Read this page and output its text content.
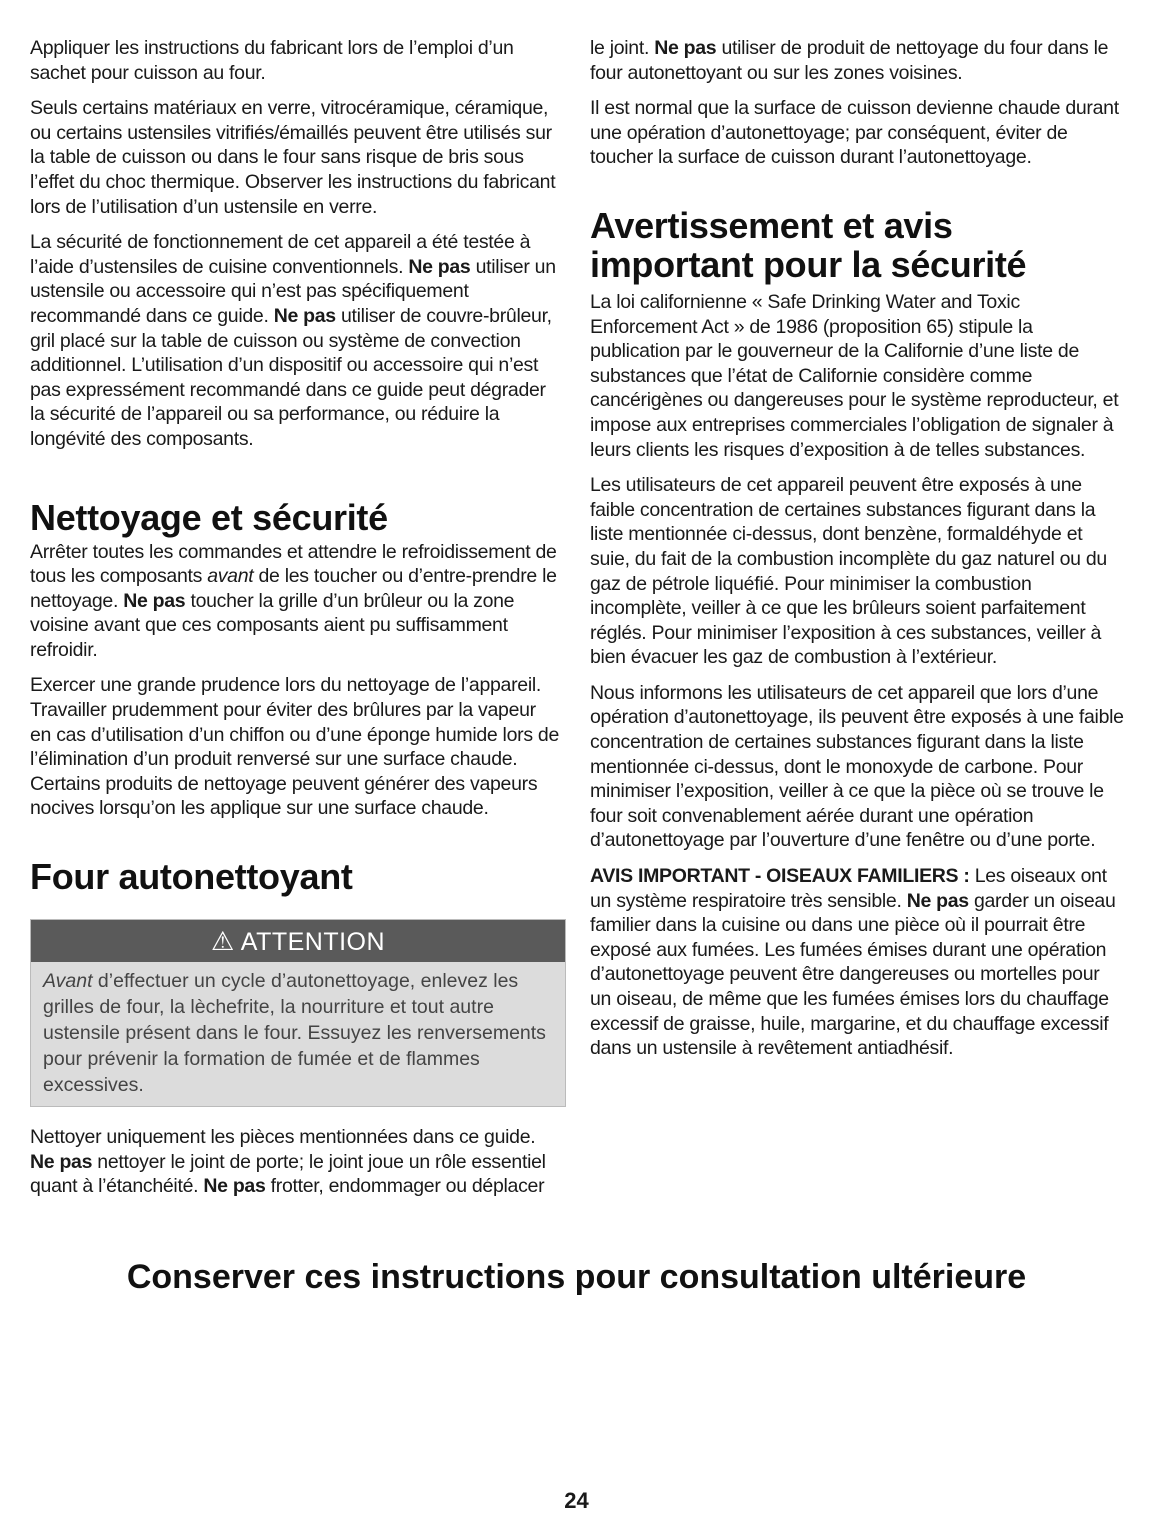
Appliquer les instructions du fabricant lors de l’emploi d’un sachet pour cuisson au four.

Seuls certains matériaux en verre, vitrocéramique, céramique, ou certains ustensiles vitrifiés/émaillés peuvent être utilisés sur la table de cuisson ou dans le four sans risque de bris sous l’effet du choc thermique. Observer les instructions du fabricant lors de l’utilisation d’un ustensile en verre.

La sécurité de fonctionnement de cet appareil a été testée à l’aide d’ustensiles de cuisine conventionnels. Ne pas utiliser un ustensile ou accessoire qui n’est pas spécifiquement recommandé dans ce guide. Ne pas utiliser de couvre-brûleur, gril placé sur la table de cuisson ou système de convection additionnel. L’utilisation d’un dispositif ou accessoire qui n’est pas expressément recommandé dans ce guide peut dégrader la sécurité de l’appareil ou sa performance, ou réduire la longévité des composants.

Nettoyage et sécurité

Arrêter toutes les commandes et attendre le refroidissement de tous les composants avant de les toucher ou d’entre-prendre le nettoyage. Ne pas toucher la grille d’un brûleur ou la zone voisine avant que ces composants aient pu suffisamment refroidir.

Exercer une grande prudence lors du nettoyage de l’appareil. Travailler prudemment pour éviter des brûlures par la vapeur en cas d’utilisation d’un chiffon ou d’une éponge humide lors de l’élimination d’un produit renversé sur une surface chaude. Certains produits de nettoyage peuvent générer des vapeurs nocives lorsqu’on les applique sur une surface chaude.

Four autonettoyant
⚠ ATTENTION
Avant d’effectuer un cycle d’autonettoyage, enlevez les grilles de four, la lèchefrite, la nourriture et tout autre ustensile présent dans le four. Essuyez les renversements pour prévenir la formation de fumée et de flammes excessives.

Nettoyer uniquement les pièces mentionnées dans ce guide. Ne pas nettoyer le joint de porte; le joint joue un rôle essentiel quant à l’étanchéité. Ne pas frotter, endommager ou déplacer

le joint. Ne pas utiliser de produit de nettoyage du four dans le four autonettoyant ou sur les zones voisines.

Il est normal que la surface de cuisson devienne chaude durant une opération d’autonettoyage; par conséquent, éviter de toucher la surface de cuisson durant l’autonettoyage.

Avertissement et avis important pour la sécurité

La loi californienne « Safe Drinking Water and Toxic Enforcement Act » de 1986 (proposition 65) stipule la publication par le gouverneur de la Californie d’une liste de substances que l’état de Californie considère comme cancérigènes ou dangereuses pour le système reproducteur, et impose aux entreprises commerciales l’obligation de signaler à leurs clients les risques d’exposition à de telles substances.

Les utilisateurs de cet appareil peuvent être exposés à une faible concentration de certaines substances figurant dans la liste mentionnée ci-dessus, dont benzène, formaldéhyde et suie, du fait de la combustion incomplète du gaz naturel ou du gaz de pétrole liquéfié. Pour minimiser la combustion incomplète, veiller à ce que les brûleurs soient parfaitement réglés. Pour minimiser l’exposition à ces substances, veiller à bien évacuer les gaz de combustion à l’extérieur.

Nous informons les utilisateurs de cet appareil que lors d’une opération d’autonettoyage, ils peuvent être exposés à une faible concentration de certaines substances figurant dans la liste mentionnée ci-dessus, dont le monoxyde de carbone. Pour minimiser l’exposition, veiller à ce que la pièce où se trouve le four soit convenablement aérée durant une opération d’autonettoyage par l’ouverture d’une fenêtre ou d’une porte.

AVIS IMPORTANT - OISEAUX FAMILIERS : Les oiseaux ont un système respiratoire très sensible. Ne pas garder un oiseau familier dans la cuisine ou dans une pièce où il pourrait être exposé aux fumées. Les fumées émises durant une opération d’autonettoyage peuvent être dangereuses ou mortelles pour un oiseau, de même que les fumées émises lors du chauffage excessif de graisse, huile, margarine, et du chauffage excessif dans un ustensile à revêtement antiadhésif.

Conserver ces instructions pour consultation ultérieure
24
